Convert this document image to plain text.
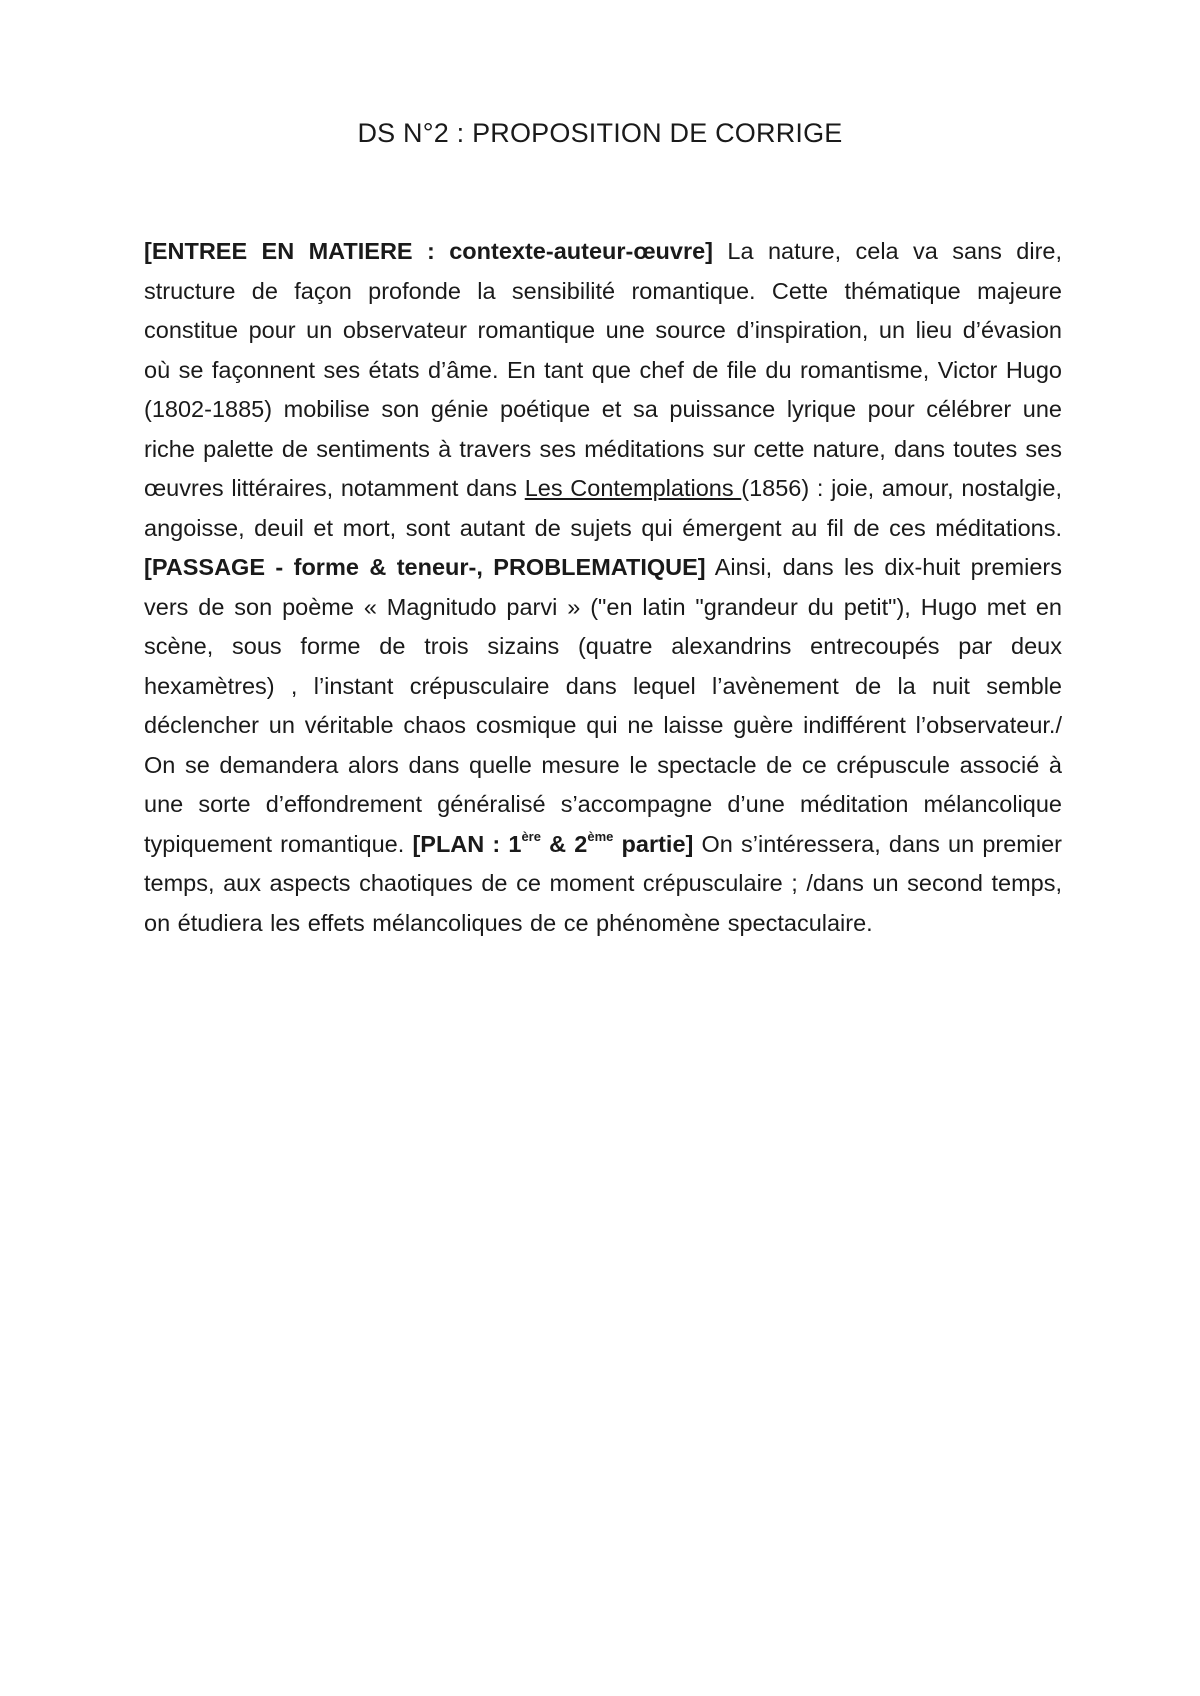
DS N°2 : PROPOSITION DE CORRIGE

[ENTREE EN MATIERE : contexte-auteur-œuvre] La nature, cela va sans dire, structure de façon profonde la sensibilité romantique. Cette thématique majeure constitue pour un observateur romantique une source d’inspiration, un lieu d’évasion où se façonnent ses états d’âme. En tant que chef de file du romantisme, Victor Hugo (1802-1885) mobilise son génie poétique et sa puissance lyrique pour célébrer une riche palette de sentiments à travers ses méditations sur cette nature, dans toutes ses œuvres littéraires, notamment dans Les Contemplations (1856) : joie, amour, nostalgie, angoisse, deuil et mort, sont autant de sujets qui émergent au fil de ces méditations. [PASSAGE - forme & teneur-, PROBLEMATIQUE] Ainsi, dans les dix-huit premiers vers de son poème « Magnitudo parvi » ("en latin "grandeur du petit"), Hugo met en scène, sous forme de trois sizains (quatre alexandrins entrecoupés par deux hexamètres) , l’instant crépusculaire dans lequel l’avènement de la nuit semble déclencher un véritable chaos cosmique qui ne laisse guère indifférent l’observateur./ On se demandera alors dans quelle mesure le spectacle de ce crépuscule associé à une sorte d’effondrement généralisé s’accompagne d’une méditation mélancolique typiquement romantique. [PLAN : 1ère & 2ème partie] On s’intéressera, dans un premier temps, aux aspects chaotiques de ce moment crépusculaire ; /dans un second temps, on étudiera les effets mélancoliques de ce phénomène spectaculaire.
